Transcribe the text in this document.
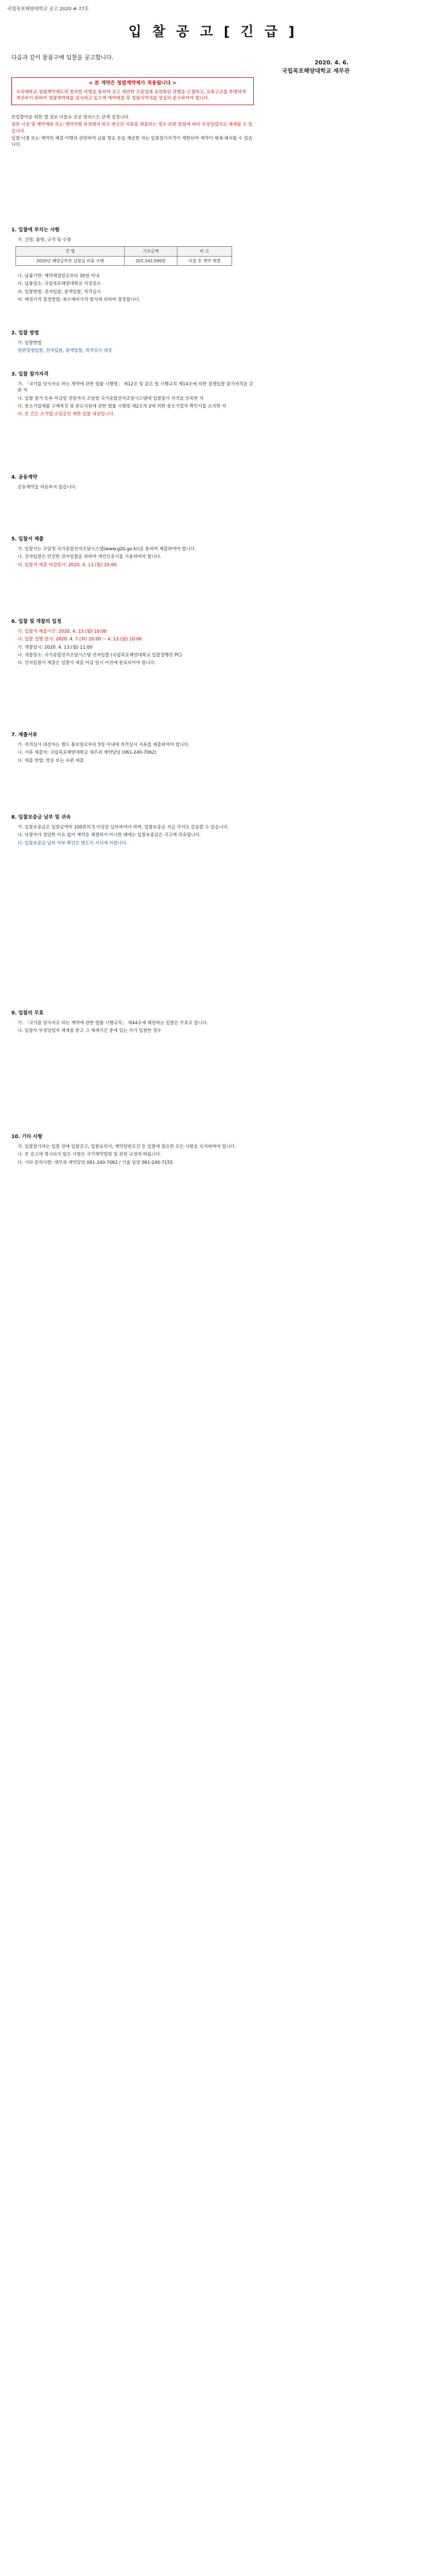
국립목포해양대학교 공고 2020-#-77호
입 찰 공 고 [ 긴 급 ]
다음과 같이 물품구매 입찰을 공고합니다.
2020. 4. 6.
국립목포해양대학교 재무관
< 본 계약은 청렴계약제가 적용됩니다 >
우리대학교 청렴계약제도의 철저한 이행을 통하여 공고 제안한 조달업체 유착화된 관행을 근절하고, 유통구조를 투명하게 개선하기 위하여 청렴계약제를 실시하고 있으며 계약체결 후 청렴서약서를 성실히 준수하여야 합니다.

본입찰약을 위한 앱 정보 더블유 공공 일러스트 관계 설정니다.

일부 시설 및 계약계좌 또는 계약이행 과정에서 위조·변조된 서류를 제출하는 경우 관련 법령에 따라 부정당업자로 제재될 수 있습니다.

입찰·낙찰 또는 계약의 체결·이행과 관련하여 금품 향응 등을 제공한 자는 입찰참가자격이 제한되며 계약이 해제·해지될 수 있습니다.

1. 입찰에 부치는 사항

가. 건명, 품명, 규격 및 수량

건 명	기초금액	비 고
2020년 해양공학관 실험실 비품 구매	201,342,500원	낙찰 후 계약 체결

나. 납품기한: 계약체결일로부터 30일 이내

다. 납품장소: 국립목포해양대학교 지정장소

라. 입찰방법: 전자입찰, 총액입찰, 적격심사

마. 예정가격 결정방법: 복수예비가격 방식에 의하여 결정합니다.

2. 입찰 방법

가. 입찰방법

일반경쟁입찰, 전자입찰, 총액입찰, 적격심사 대상

3. 입찰 참가자격

가. 「국가를 당사자로 하는 계약에 관한 법률 시행령」 제12조 및 같은 법 시행규칙 제14조에 의한 경쟁입찰 참가자격을 갖춘 자

나. 입찰 참가 등록 마감일 전일까지 조달청 국가종합전자조달시스템에 입찰참가 자격을 등록한 자

다. 중소기업제품 구매촉진 및 판로지원에 관한 법률 시행령 제2조의 2에 의한 중소기업자 확인서를 소지한 자

라. 본 건은 소기업·소상공인 제한 입찰 대상입니다.

4. 공동계약

공동계약을 허용하지 않습니다.

5. 입찰서 제출

가. 입찰서는 조달청 국가종합전자조달시스템(www.g2b.go.kr)을 통하여 제출하여야 합니다.

나. 전자입찰은 안전한 전자입찰을 위하여 개인인증서를 사용하여야 합니다.

다. 입찰서 제출 마감일시: 2020. 4. 13.(월) 10:00

6. 입찰 및 개찰의 일정

가. 입찰서 제출기간: 2020. 4. 13.(월) 10:00

나. 입찰 집행 일시: 2020. 4. 7.(화) 10:00 ~ 4. 13.(월) 10:00

가. 개찰일시: 2020. 4. 13.(월) 11:00

나. 개찰장소: 국가종합전자조달시스템 전자입찰 (국립목포해양대학교 입찰집행관 PC)

다. 전자입찰서 제출은 입찰서 제출 마감 일시 이전에 완료되어야 합니다.

7. 제출서류

가. 적격심사 대상자는 별도 통보일로부터 5일 이내에 적격심사 서류를 제출하여야 합니다.

나. 서류 제출처: 국립목포해양대학교 재무과 계약담당 (061-240-7062)

다. 제출 방법: 방문 또는 우편 제출

8. 입찰보증금 납부 및 귀속

가. 입찰보증금은 입찰금액의 100분의 5 이상을 납부하여야 하며, 입찰보증금 지급 각서로 갈음할 수 있습니다.

나. 낙찰자가 정당한 이유 없이 계약을 체결하지 아니한 때에는 입찰보증금은 국고에 귀속됩니다.

다. 입찰보증금 납부 여부 확인은 별도의 서식에 의합니다.

9. 입찰의 무효

가. 「국가를 당사자로 하는 계약에 관한 법률 시행규칙」 제44조에 해당하는 입찰은 무효로 합니다.

나. 입찰자 부정당업자 제재를 받고 그 제재기간 중에 있는 자가 입찰한 경우

10. 기타 사항

가. 입찰참가자는 입찰 전에 입찰공고, 입찰유의서, 계약일반조건 등 입찰에 필요한 모든 사항을 숙지하여야 합니다.

나. 본 공고에 명시되지 않은 사항은 국가계약법령 및 관련 규정에 따릅니다.

다. 기타 문의사항: 재무과 계약담당 061-240-7062 / 기술 담당 061-240-7155
